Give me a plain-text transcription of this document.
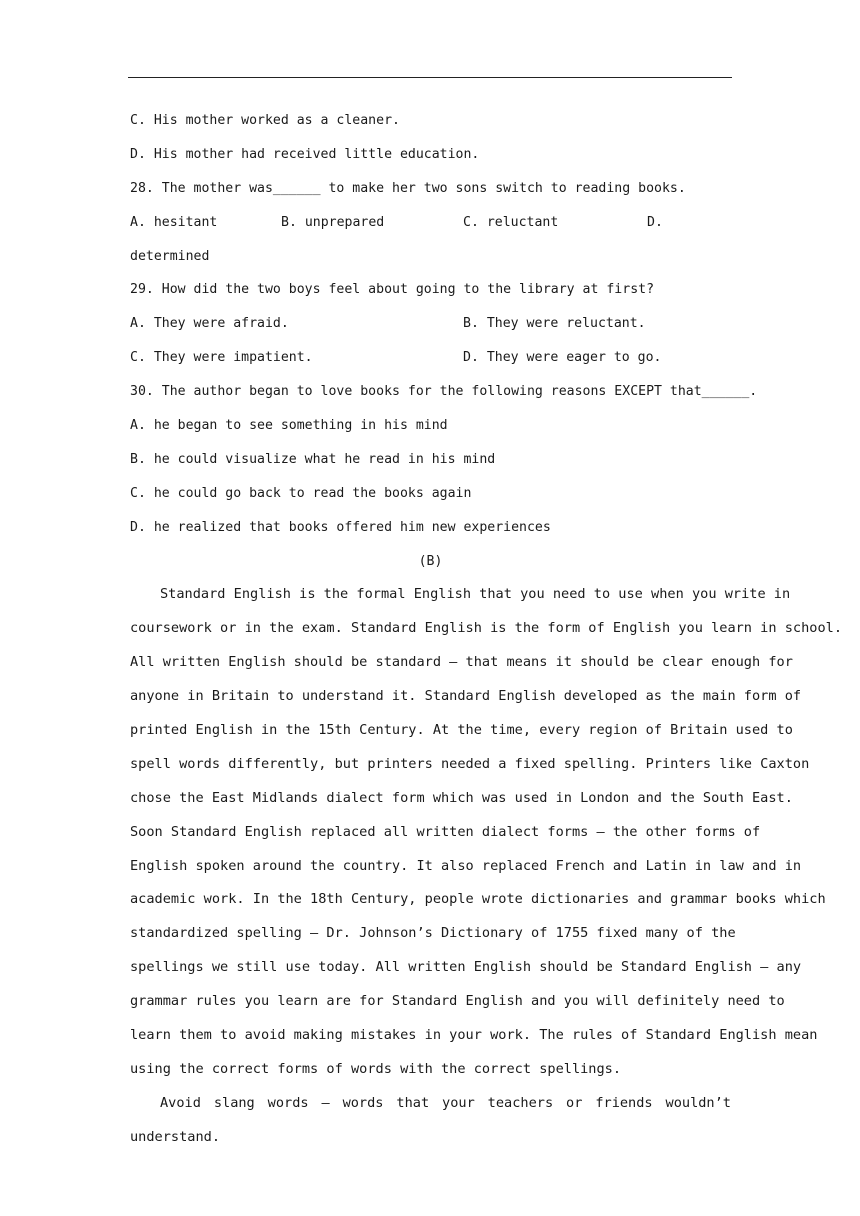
C. His mother worked as a cleaner.
D. His mother had received little education.
28. The mother was______ to make her two sons switch to reading books.
A. hesitant	B. unprepared	C. reluctant	D.
determined
29. How did the two boys feel about going to the library at first?
A. They were afraid.	B. They were reluctant.
C. They were impatient.	D. They were eager to go.
30. The author began to love books for the following reasons EXCEPT that______.
A. he began to see something in his mind
B. he could visualize what he read in his mind
C. he could go back to read the books again
D. he realized that books offered him new experiences
(B)
Standard English is the formal English that you need to use when you write in
coursework or in the exam. Standard English is the form of English you learn in school.
All written English should be standard — that means it should be clear enough for
anyone in Britain to understand it. Standard English developed as the main form of
printed English in the 15th Century. At the time, every region of Britain used to
spell words differently, but printers needed a fixed spelling. Printers like Caxton
chose the East Midlands dialect form which was used in London and the South East.
Soon Standard English replaced all written dialect forms — the other forms of
English spoken around the country. It also replaced French and Latin in law and in
academic work. In the 18th Century, people wrote dictionaries and grammar books which
standardized spelling — Dr. Johnson’s Dictionary of 1755 fixed many of the
spellings we still use today. All written English should be Standard English — any
grammar rules you learn are for Standard English and you will definitely need to
learn them to avoid making mistakes in your work. The rules of Standard English mean
using the correct forms of words with the correct spellings.
Avoid slang words — words that your teachers or friends wouldn’t understand.
